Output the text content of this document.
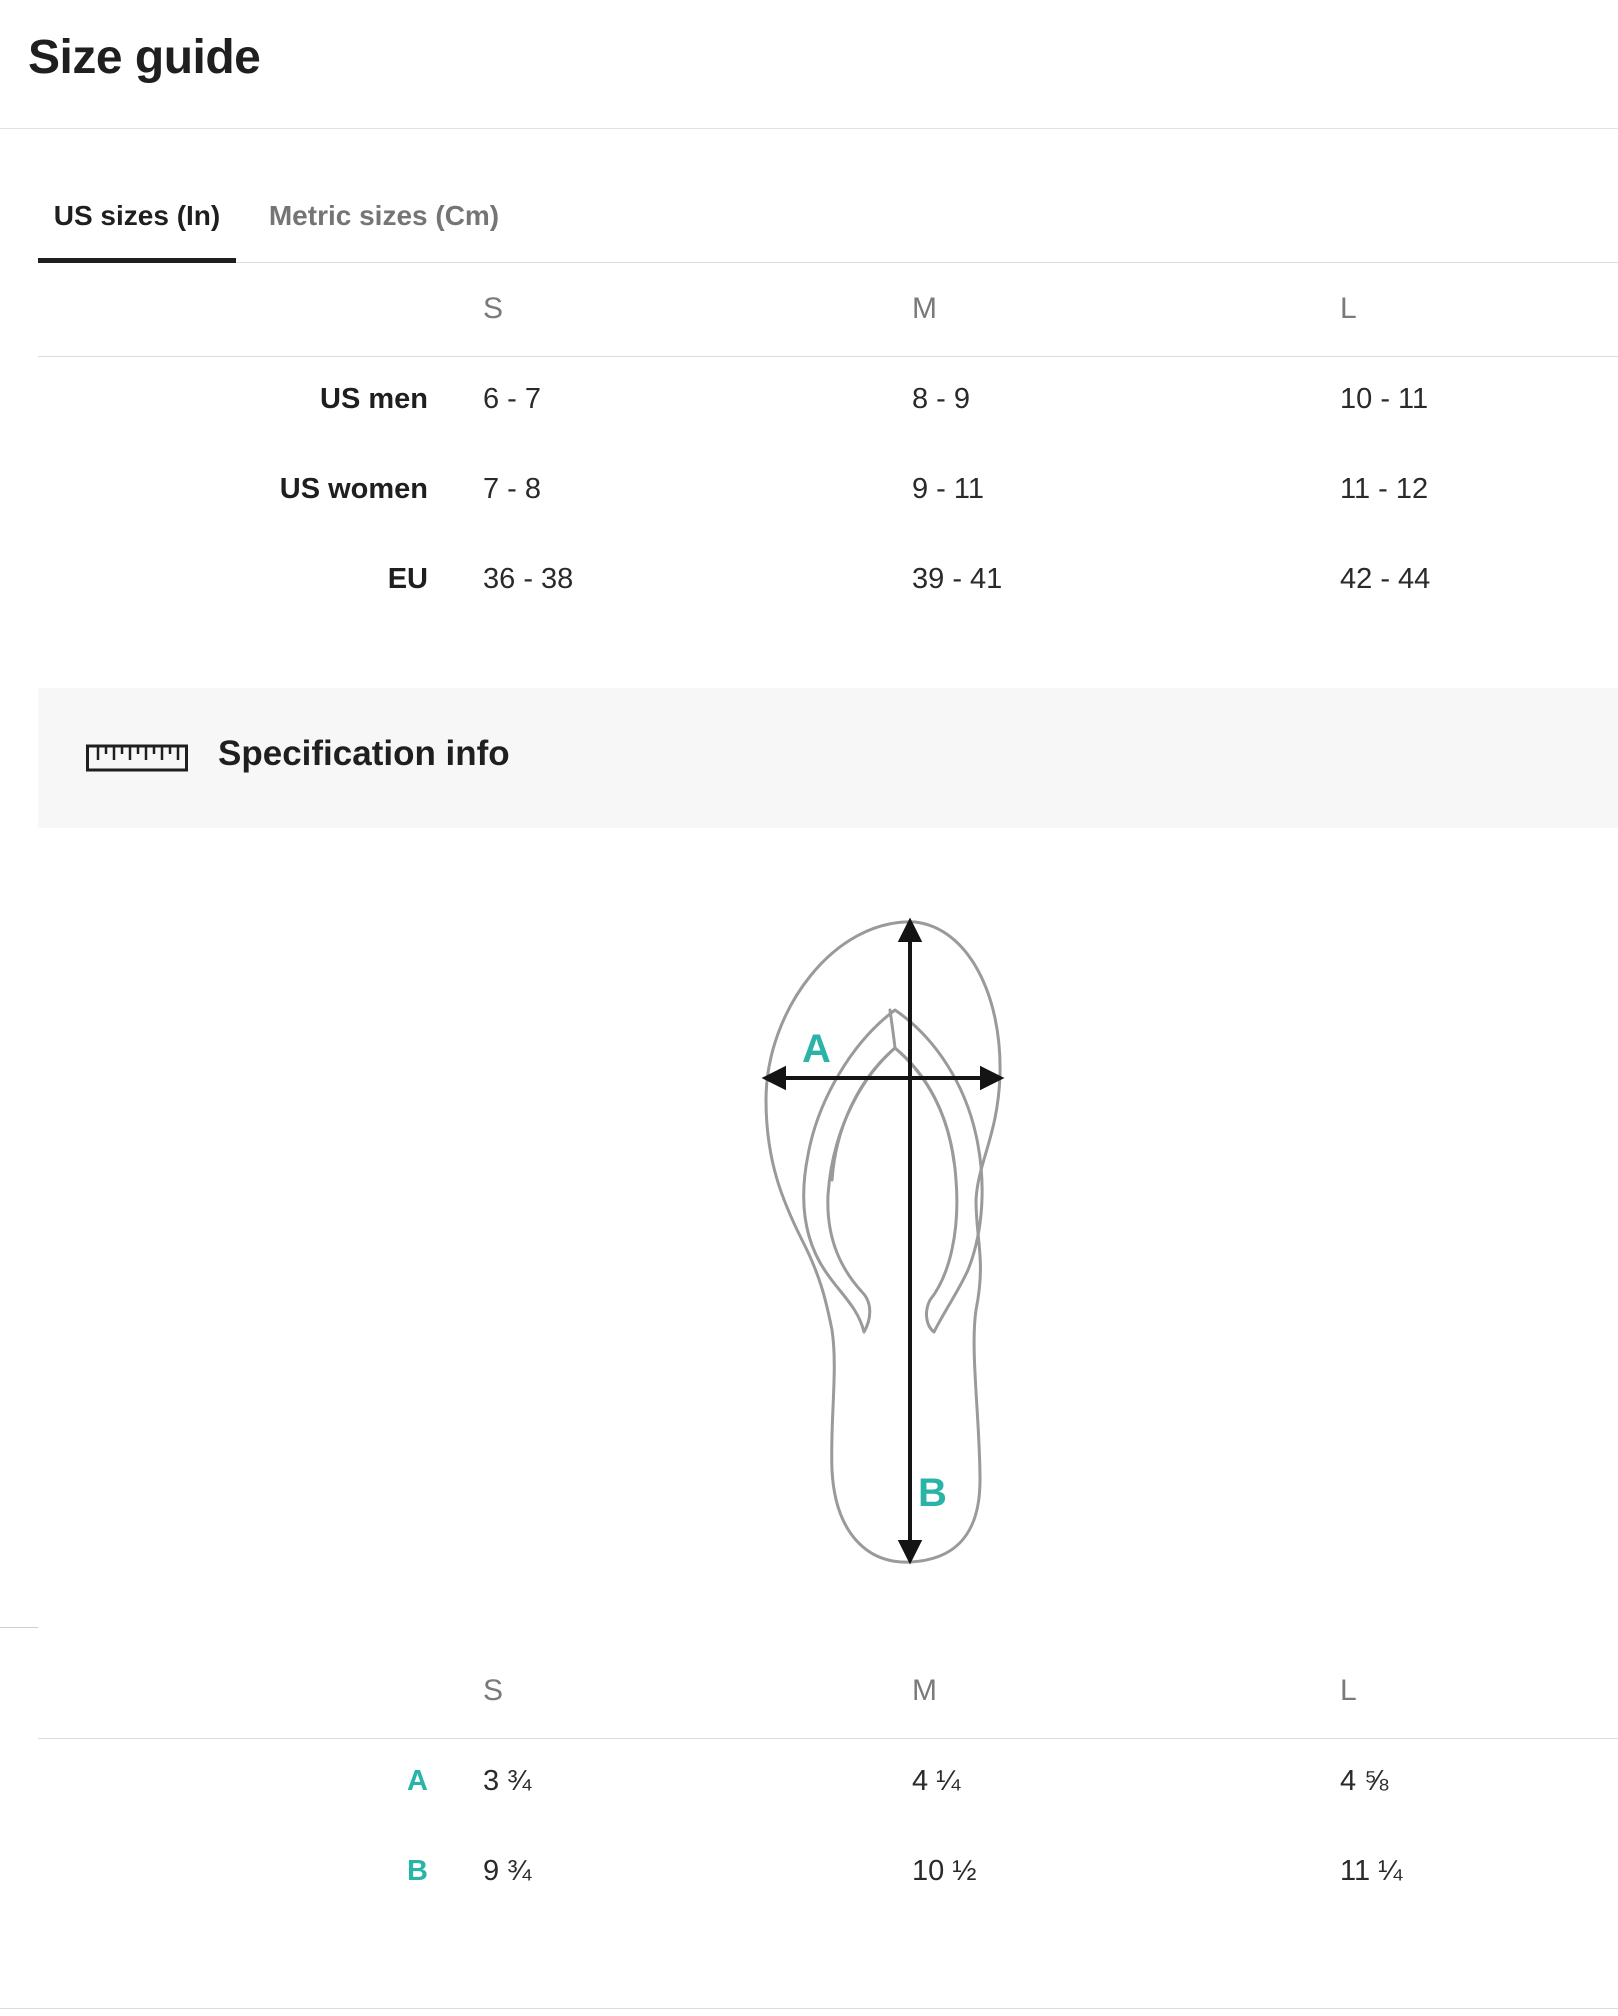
Size guide
US sizes (In)	Metric sizes (Cm)
S	M	L
US men 6 - 7	8 - 9	10 - 11
US women 7 - 8	9 - 11	11 - 12
EU 36 - 38	39 - 41	42 - 44
Specification info
A
B
S	M	L
A 3 ¾	4 ¼	4 ⅝
B 9 ¾	10 ½	11 ¼
